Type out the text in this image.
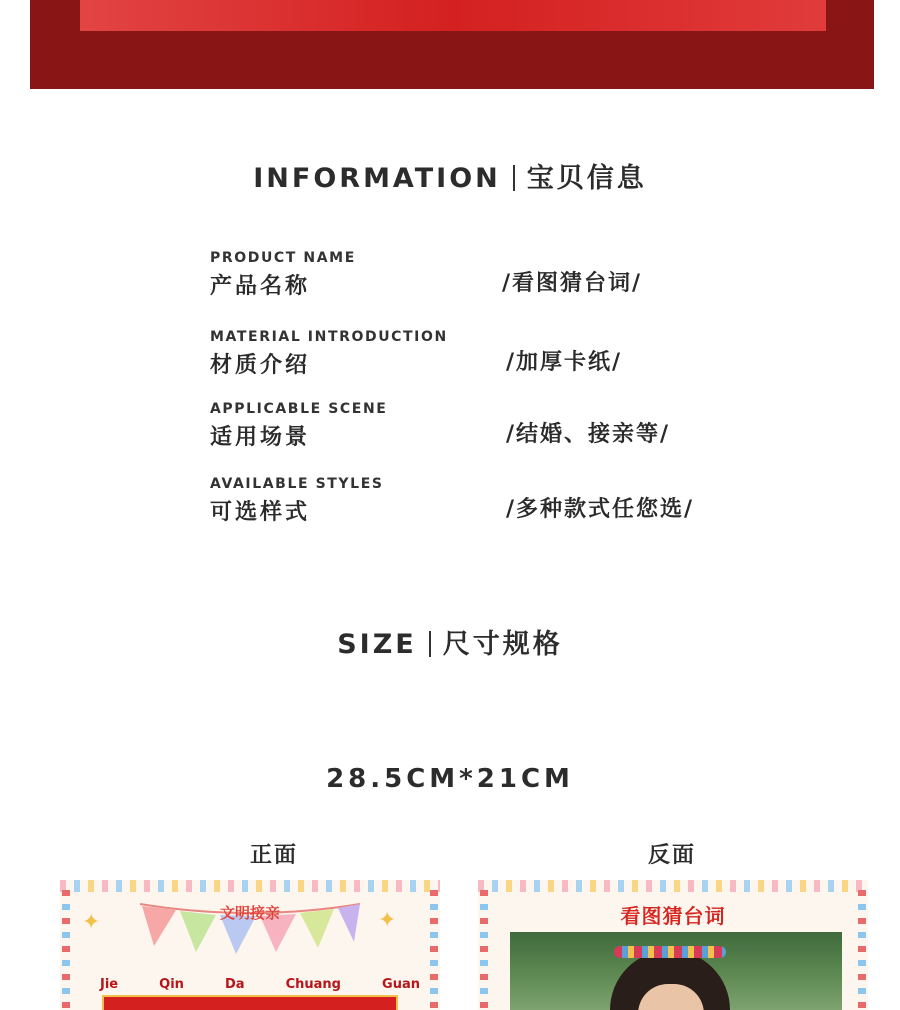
INFORMATION 宝贝信息
PRODUCT NAME
产品名称	/看图猜台词/
MATERIAL INTRODUCTION
材质介绍	/加厚卡纸/
APPLICABLE SCENE
适用场景	/结婚、接亲等/
AVAILABLE STYLES
可选样式	/多种款式任您选/
SIZE 尺寸规格
28.5CM*21CM
正面	反面
文明接亲
✦	✦
Jie	Qin	Da	Chuang	Guan
看图猜台词
